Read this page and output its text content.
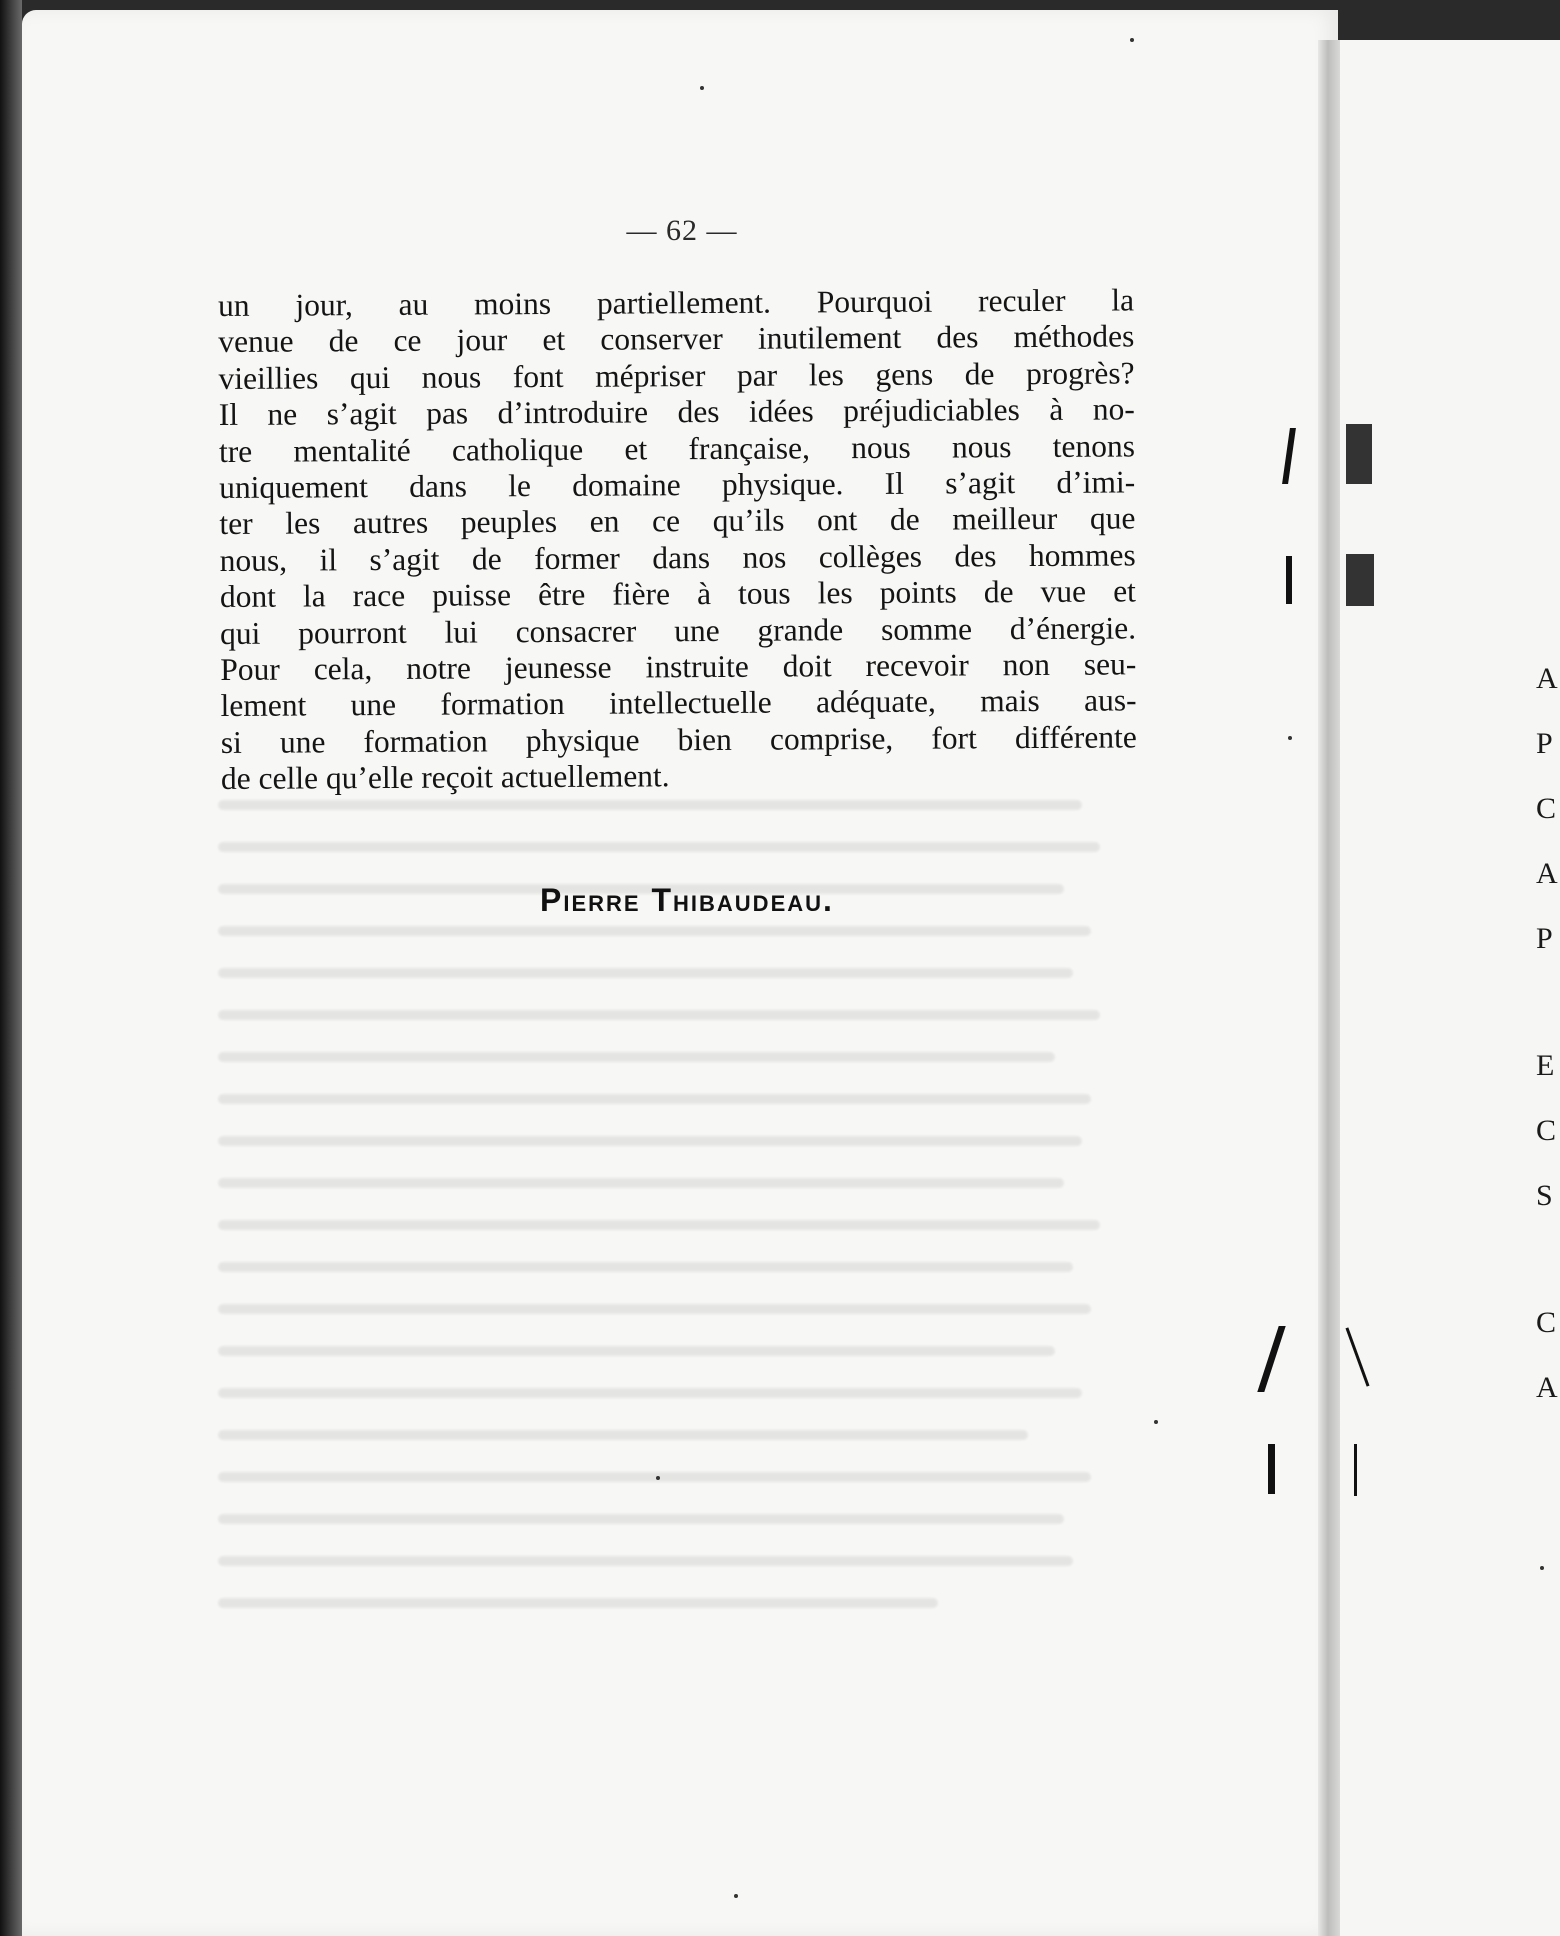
— 62 —
un jour, au moins partiellement. Pourquoi reculer la
venue de ce jour et conserver inutilement des méthodes
vieillies qui nous font mépriser par les gens de progrès?
Il ne s’agit pas d’introduire des idées préjudiciables à no-
tre mentalité catholique et française, nous nous tenons
uniquement dans le domaine physique. Il s’agit d’imi-
ter les autres peuples en ce qu’ils ont de meilleur que
nous, il s’agit de former dans nos collèges des hommes
dont la race puisse être fière à tous les points de vue et
qui pourront lui consacrer une grande somme d’énergie.
Pour cela, notre jeunesse instruite doit recevoir non seu-
lement une formation intellectuelle adéquate, mais aus-
si une formation physique bien comprise, fort différente
de celle qu’elle reçoit actuellement.
Pierre Thibaudeau.
A
P
C
A
P
E
C
S
C
A
